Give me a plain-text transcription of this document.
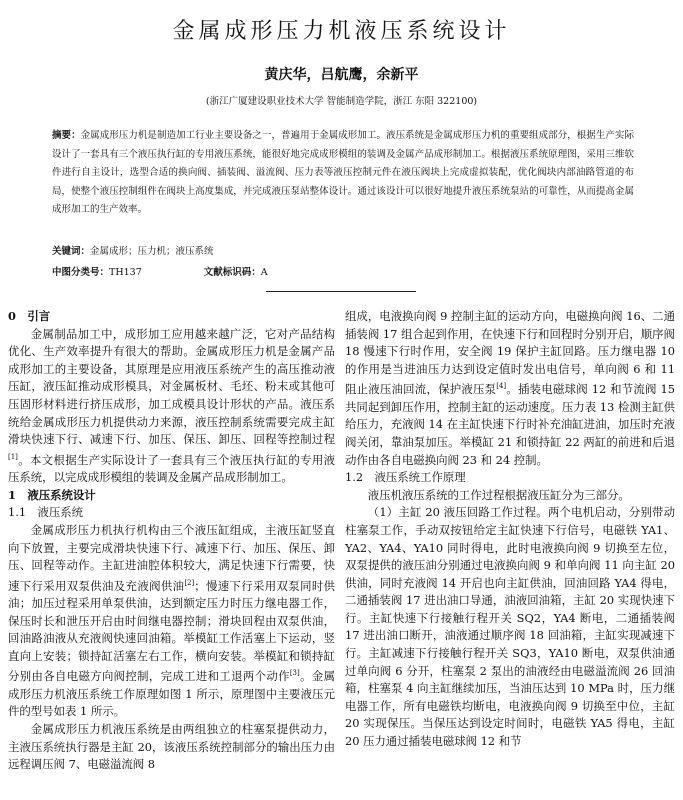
金属成形压力机液压系统设计
黄庆华，吕航鹰，余新平
(浙江广厦建设职业技术大学 智能制造学院，浙江 东阳 322100)
摘要：金属成形压力机是制造加工行业主要设备之一，普遍用于金属成形加工。液压系统是金属成形压力机的重要组成部分，根据生产实际设计了一套具有三个液压执行缸的专用液压系统，能很好地完成成形模组的装调及金属产品成形制加工。根据液压系统原理图，采用三维软件进行自主设计，选型合适的换向阀、插装阀、溢流阀、压力表等液压控制元件在液压阀块上完成虚拟装配，优化阀块内部油路管道的布局，使整个液压控制组件在阀块上高度集成，并完成液压泵站整体设计。通过该设计可以很好地提升液压系统泵站的可靠性，从而提高金属成形加工的生产效率。
关键词：金属成形；压力机；液压系统
中图分类号：TH137	文献标识码：A

0　引言

金属制品加工中，成形加工应用越来越广泛，它对产品结构优化、生产效率提升有很大的帮助。金属成形压力机是金属产品成形加工的主要设备，其原理是应用液压系统产生的高压推动液压缸，液压缸推动成形模具，对金属板材、毛坯、粉末或其他可压固形材料进行挤压成形，加工成模具设计形状的产品。液压系统给金属成形压力机提供动力来源，液压控制系统需要完成主缸滑块快速下行、减速下行、加压、保压、卸压、回程等控制过程[1]。本文根据生产实际设计了一套具有三个液压执行缸的专用液压系统，以完成成形模组的装调及金属产品成形制加工。

1　液压系统设计

1.1　液压系统

金属成形压力机执行机构由三个液压缸组成，主液压缸竖直向下放置，主要完成滑块快速下行、减速下行、加压、保压、卸压、回程等动作。主缸进油腔体积较大，满足快速下行需要，快速下行采用双泵供油及充液阀供油[2]；慢速下行采用双泵同时供油；加压过程采用单泵供油，达到额定压力时压力继电器工作，保压时长和泄压开启由时间继电器控制；滑块回程由双泵供油，回油路油液从充液阀快速回油箱。举模缸工作活塞上下运动，竖直向上安装；锁持缸活塞左右工作，横向安装。举模缸和锁持缸分别由各自电磁方向阀控制，完成工进和工退两个动作[3]。金属成形压力机液压系统工作原理如图 1 所示，原理图中主要液压元件的型号如表 1 所示。

金属成形压力机液压系统是由两组独立的柱塞泵提供动力，主液压系统执行器是主缸 20，该液压系统控制部分的输出压力由远程调压阀 7、电磁溢流阀 8

组成，电液换向阀 9 控制主缸的运动方向，电磁换向阀 16、二通插装阀 17 组合起到作用，在快速下行和回程时分别开启，顺序阀 18 慢速下行时作用，安全阀 19 保护主缸回路。压力继电器 10 的作用是当进油压力达到设定值时发出电信号，单向阀 6 和 11 阻止液压油回流，保护液压泵[4]。插装电磁球阀 12 和节流阀 15 共同起到卸压作用，控制主缸的运动速度。压力表 13 检测主缸供给压力，充液阀 14 在主缸快速下行时补充油缸进油，加压时充液阀关闭，靠油泵加压。举模缸 21 和锁持缸 22 两缸的前进和后退动作由各自电磁换向阀 23 和 24 控制。

1.2　液压系统工作原理

液压机液压系统的工作过程根据液压缸分为三部分。

（1）主缸 20 液压回路工作过程。两个电机启动，分别带动柱塞泵工作，手动双按钮给定主缸快速下行信号，电磁铁 YA1、YA2、YA4、YA10 同时得电，此时电液换向阀 9 切换至左位，双泵提供的液压油分别通过电液换向阀 9 和单向阀 11 向主缸 20 供油，同时充液阀 14 开启也向主缸供油，回油回路 YA4 得电，二通插装阀 17 进出油口导通，油液回油箱，主缸 20 实现快速下行。主缸快速下行接触行程开关 SQ2，YA4 断电，二通插装阀 17 进出油口断开，油液通过顺序阀 18 回油箱，主缸实现减速下行。主缸减速下行接触行程开关 SQ3，YA10 断电，双泵供油通过单向阀 6 分开，柱塞泵 2 泵出的油液经由电磁溢流阀 26 回油箱，柱塞泵 4 向主缸继续加压，当油压达到 10 MPa 时，压力继电器工作，所有电磁铁均断电，电液换向阀 9 切换至中位，主缸 20 实现保压。当保压达到设定时间时，电磁铁 YA5 得电，主缸 20 压力通过插装电磁球阀 12 和节
